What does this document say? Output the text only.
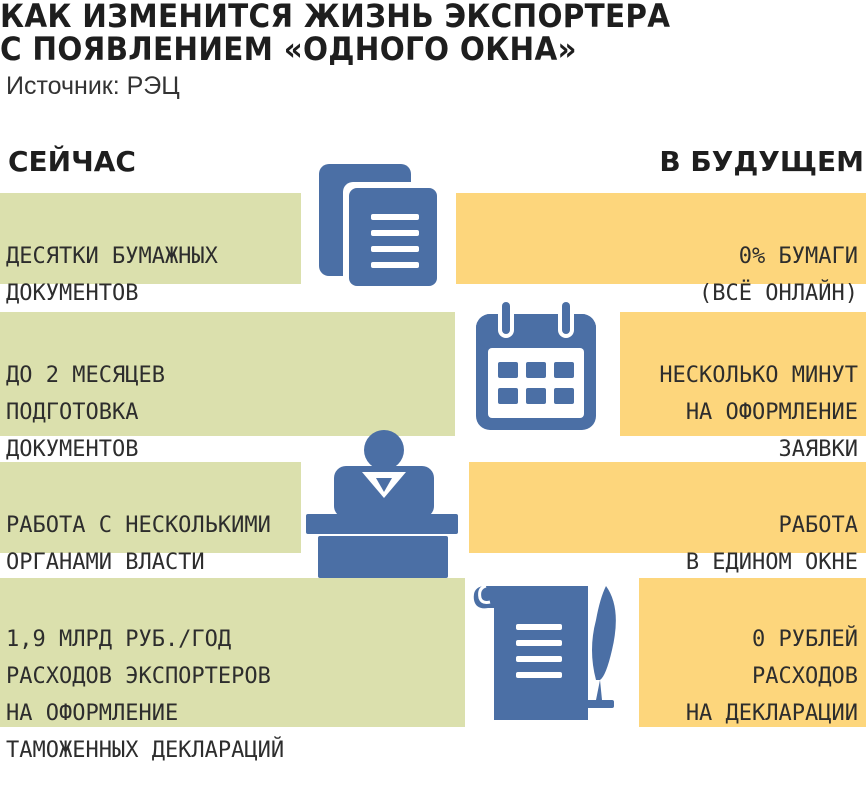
КАК ИЗМЕНИТСЯ ЖИЗНЬ ЭКСПОРТЕРА
С ПОЯВЛЕНИЕМ «ОДНОГО ОКНА»
Источник: РЭЦ
СЕЙЧАС	В БУДУЩЕМ

ДЕСЯТКИ БУМАЖНЫХ
ДОКУМЕНТОВ

0% БУМАГИ
(ВСЁ ОНЛАЙН)

ДО 2 МЕСЯЦЕВ
ПОДГОТОВКА
ДОКУМЕНТОВ

НЕСКОЛЬКО МИНУТ
НА ОФОРМЛЕНИЕ
ЗАЯВКИ

РАБОТА С НЕСКОЛЬКИМИ
ОРГАНАМИ ВЛАСТИ

РАБОТА
В ЕДИНОМ ОКНЕ

1,9 МЛРД РУБ./ГОД
РАСХОДОВ ЭКСПОРТЕРОВ
НА ОФОРМЛЕНИЕ
ТАМОЖЕННЫХ ДЕКЛАРАЦИЙ

0 РУБЛЕЙ
РАСХОДОВ
НА ДЕКЛАРАЦИИ
